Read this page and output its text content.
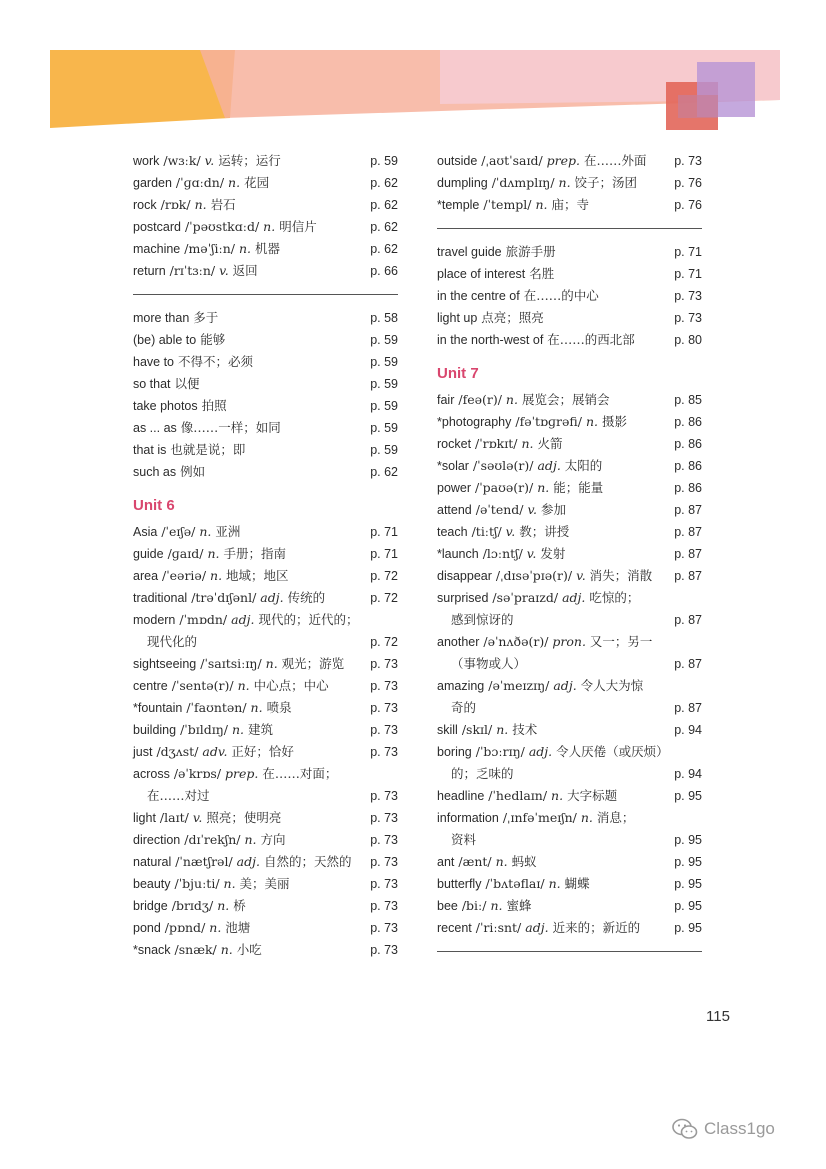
work /wɜːk/ v. 运转；运行	p. 59
garden /ˈɡɑːdn/ n. 花园	p. 62
rock /rɒk/ n. 岩石	p. 62
postcard /ˈpəʊstkɑːd/ n. 明信片	p. 62
machine /məˈʃiːn/ n. 机器	p. 62
return /rɪˈtɜːn/ v. 返回	p. 66
more than 多于	p. 58
(be) able to 能够	p. 59
have to 不得不；必须	p. 59
so that 以便	p. 59
take photos 拍照	p. 59
as ... as 像……一样；如同	p. 59
that is 也就是说；即	p. 59
such as 例如	p. 62
Unit 6
Asia /ˈeɪʃə/ n. 亚洲	p. 71
guide /ɡaɪd/ n. 手册；指南	p. 71
area /ˈeəriə/ n. 地域；地区	p. 72
traditional /trəˈdɪʃənl/ adj. 传统的	p. 72
modern /ˈmɒdn/ adj. 现代的；近代的；
现代化的	p. 72
sightseeing /ˈsaɪtsiːɪŋ/ n. 观光；游览 p. 73
centre /ˈsentə(r)/ n. 中心点；中心	p. 73
*fountain /ˈfaʊntən/ n. 喷泉	p. 73
building /ˈbɪldɪŋ/ n. 建筑	p. 73
just /dʒʌst/ adv. 正好；恰好	p. 73
across /əˈkrɒs/ prep. 在……对面；
在……对过	p. 73
light /laɪt/ v. 照亮；使明亮	p. 73
direction /dɪˈrekʃn/ n. 方向	p. 73
natural /ˈnætʃrəl/ adj. 自然的；天然的 p. 73
beauty /ˈbjuːti/ n. 美；美丽	p. 73
bridge /brɪdʒ/ n. 桥	p. 73
pond /pɒnd/ n. 池塘	p. 73
*snack /snæk/ n. 小吃	p. 73
outside /ˌaʊtˈsaɪd/ prep. 在……外面 p. 73
dumpling /ˈdʌmplɪŋ/ n. 饺子；汤团	p. 76
*temple /ˈtempl/ n. 庙；寺	p. 76
travel guide 旅游手册	p. 71
place of interest 名胜	p. 71
in the centre of 在……的中心	p. 73
light up 点亮；照亮	p. 73
in the north-west of 在……的西北部	p. 80
Unit 7
fair /feə(r)/ n. 展览会；展销会	p. 85
*photography /fəˈtɒɡrəfi/ n. 摄影	p. 86
rocket /ˈrɒkɪt/ n. 火箭	p. 86
*solar /ˈsəʊlə(r)/ adj. 太阳的	p. 86
power /ˈpaʊə(r)/ n. 能；能量	p. 86
attend /əˈtend/ v. 参加	p. 87
teach /tiːtʃ/ v. 教；讲授	p. 87
*launch /lɔːntʃ/ v. 发射	p. 87
disappear /ˌdɪsəˈpɪə(r)/ v. 消失；消散 p. 87
surprised /səˈpraɪzd/ adj. 吃惊的；
感到惊讶的	p. 87
another /əˈnʌðə(r)/ pron. 又一；另一
（事物或人）	p. 87
amazing /əˈmeɪzɪŋ/ adj. 令人大为惊
奇的	p. 87
skill /skɪl/ n. 技术	p. 94
boring /ˈbɔːrɪŋ/ adj. 令人厌倦（或厌烦）
的；乏味的	p. 94
headline /ˈhedlaɪn/ n. 大字标题	p. 95
information /ˌɪnfəˈmeɪʃn/ n. 消息；
资料	p. 95
ant /ænt/ n. 蚂蚁	p. 95
butterfly /ˈbʌtəflaɪ/ n. 蝴蝶	p. 95
bee /biː/ n. 蜜蜂	p. 95
recent /ˈriːsnt/ adj. 近来的；新近的	p. 95
115
Class1go
